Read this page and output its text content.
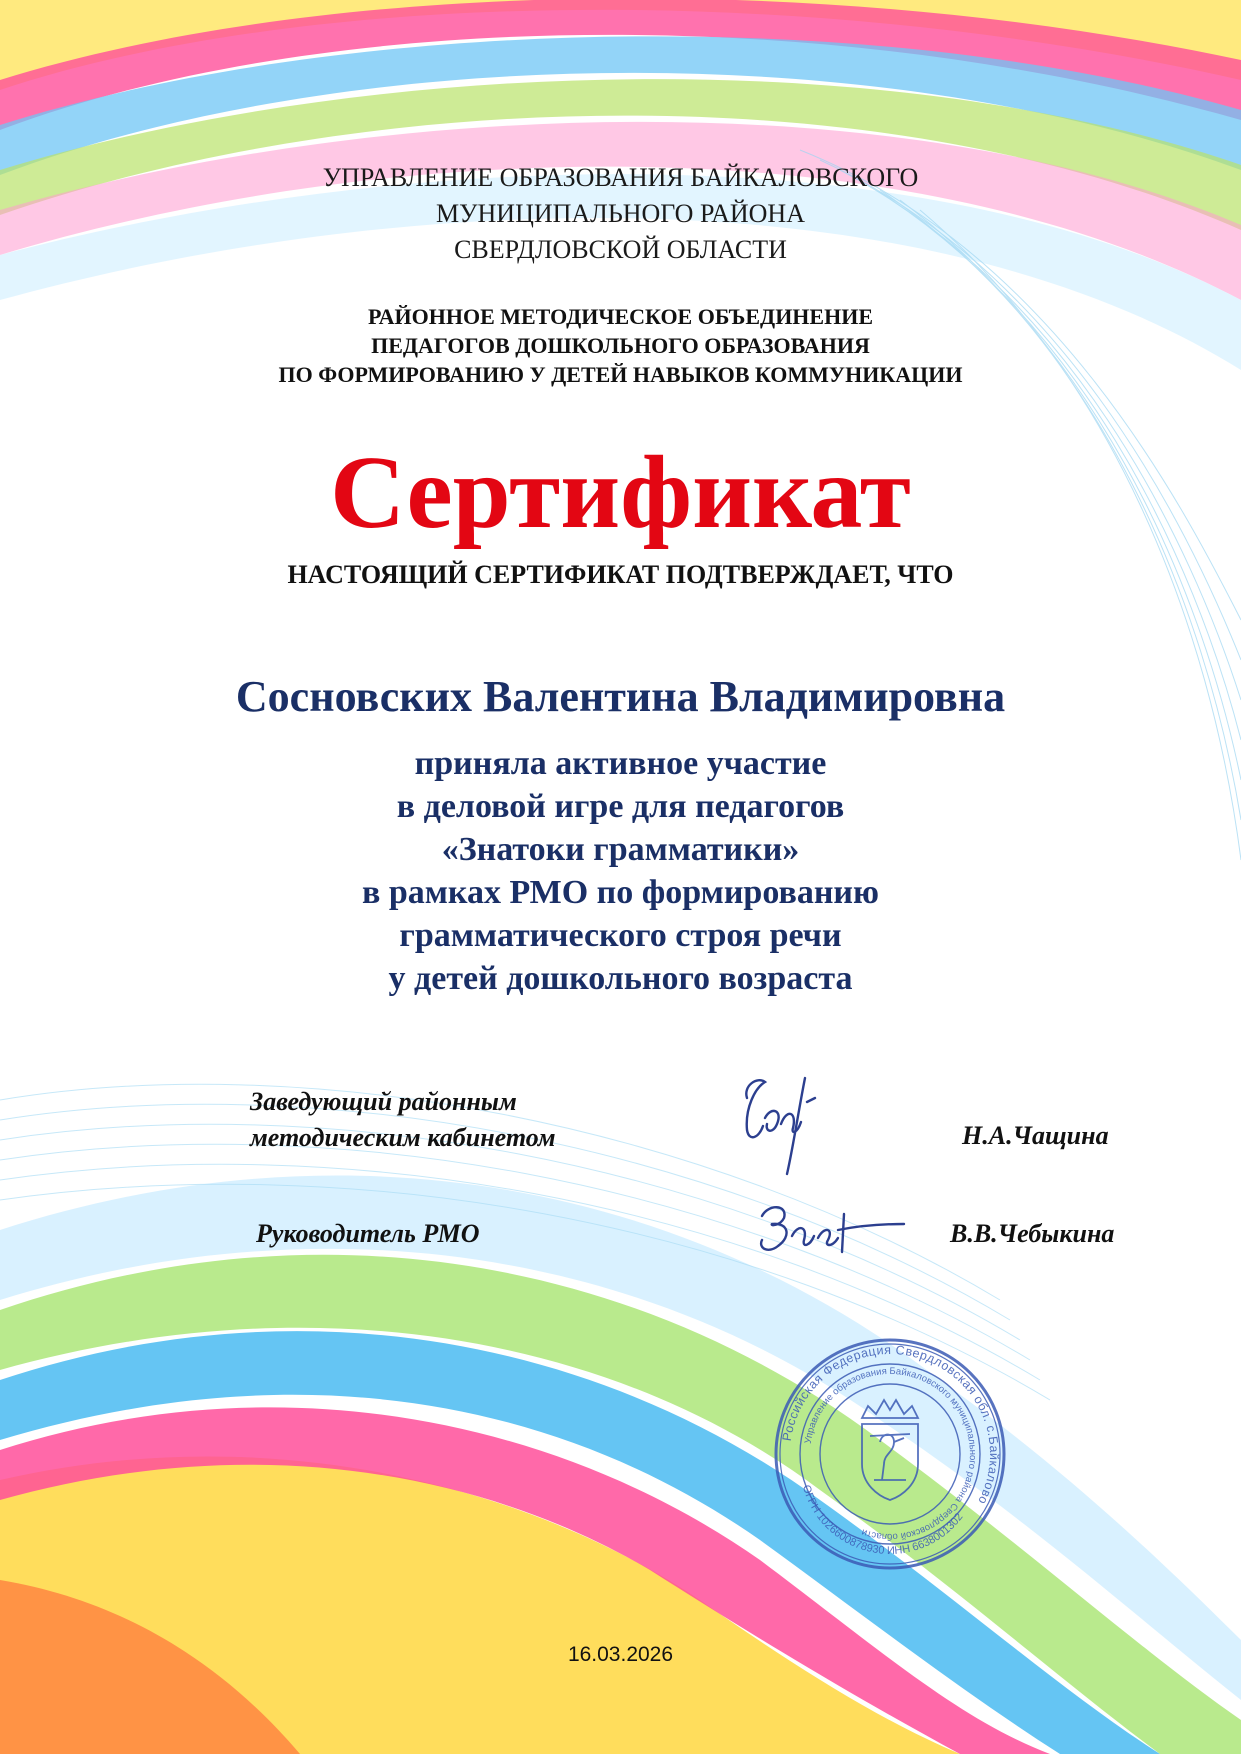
УПРАВЛЕНИЕ ОБРАЗОВАНИЯ БАЙКАЛОВСКОГО
МУНИЦИПАЛЬНОГО РАЙОНА
СВЕРДЛОВСКОЙ ОБЛАСТИ
РАЙОННОЕ МЕТОДИЧЕСКОЕ ОБЪЕДИНЕНИЕ
ПЕДАГОГОВ ДОШКОЛЬНОГО ОБРАЗОВАНИЯ
ПО ФОРМИРОВАНИЮ У ДЕТЕЙ НАВЫКОВ КОММУНИКАЦИИ
Сертификат
НАСТОЯЩИЙ СЕРТИФИКАТ ПОДТВЕРЖДАЕТ, ЧТО
Сосновских Валентина Владимировна
приняла активное участие
в деловой игре для педагогов
«Знатоки грамматики»
в рамках РМО по формированию
грамматического строя речи
у детей дошкольного возраста
Заведующий районным
методическим кабинетом	Н.А.Чащина
Руководитель РМО	В.В.Чебыкина
Российская Федерация Свердловская обл. с.Байкалово
Управление образования Байкаловского муниципального района Свердловской области
ОГРН 1026600878930 ИНН 6638001302
16.03.2026
